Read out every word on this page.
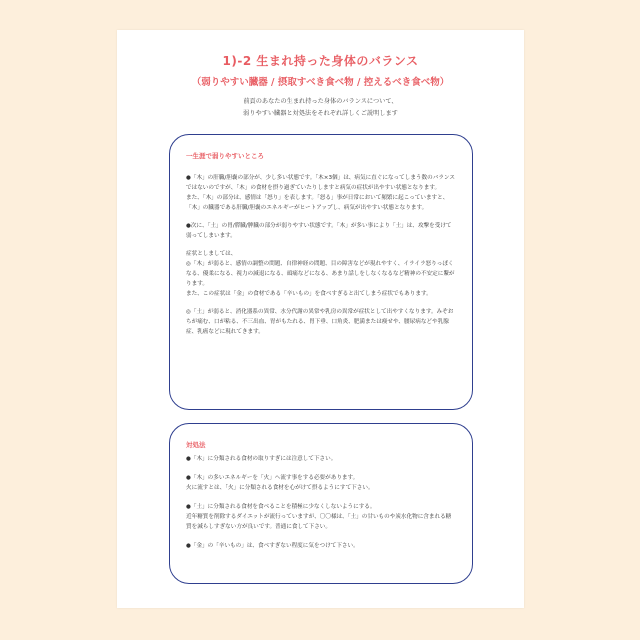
1)-2 生まれ持った身体のバランス
（弱りやすい臓器 / 摂取すべき食べ物 / 控えるべき食べ物）
前貢のあなたの生まれ持った身体のバランスについて、
弱りやすい臓器と対処法をそれぞれ詳しくご説明します
一生涯で弱りやすいところ

●「木」の肝臓/胆嚢の部分が、少し多い状態です。「木×3個」は、病気に直ぐになってしまう数のバランスではないのですが、「木」の食材を摂り過ぎていたりしますと病気の症状が出やすい状態となります。
また、「木」の部分は、感情は「怒り」を表します。「怒る」事が日常において頻繁に起こっていますと、「木」の臓器である肝臓/胆嚢のエネルギーがヒートアップし、病気が出やすい状態となります。

●次に、「土」の胃/膵臓/脾臓の部分が弱りやすい状態です。「木」が多い事により「土」は、攻撃を受けて弱ってしまいます。

症状としましては、
◎「木」が弱ると、感情の調整の問題、自律神経の問題、目の障害などが現れやすく、イライラ怒りっぽくなる、優柔になる、視力の減退になる、頭痛などになる、あまり話しをしなくなるなど精神の不安定に繋がります。
また、この症状は「金」の食材である「辛いもの」を食べすぎると出てしまう症状でもあります。

◎「土」が弱ると、消化器系の異常、水分代謝の異常や乳房の異常が症状として出やすくなります。みぞおちが痛む、口が粘る、不三出血、胃がもたれる、胃下垂、口角炎、肥満または痩せや、腰尿病などや乳腺症、乳癌などに現れてきます。

対処法

●「木」に分類される食材の取りすぎには注意して下さい。

●「木」の多いエネルギーを「火」へ流す事をする必要があります。
火に流すとは、「火」に分類される食材を心がけて摂るようにすて下さい。

●「土」に分類される食材を食べることを積極に少なくしないようにする。
近年糖質を削除するダイエットが流行っていますが、〇〇様は、「土」の甘いものや炭水化物に含まれる糖質を減らしすぎない方が良いです。普通に食して下さい。

●「金」の「辛いもの」は、食べすぎない程度に気をつけて下さい。
